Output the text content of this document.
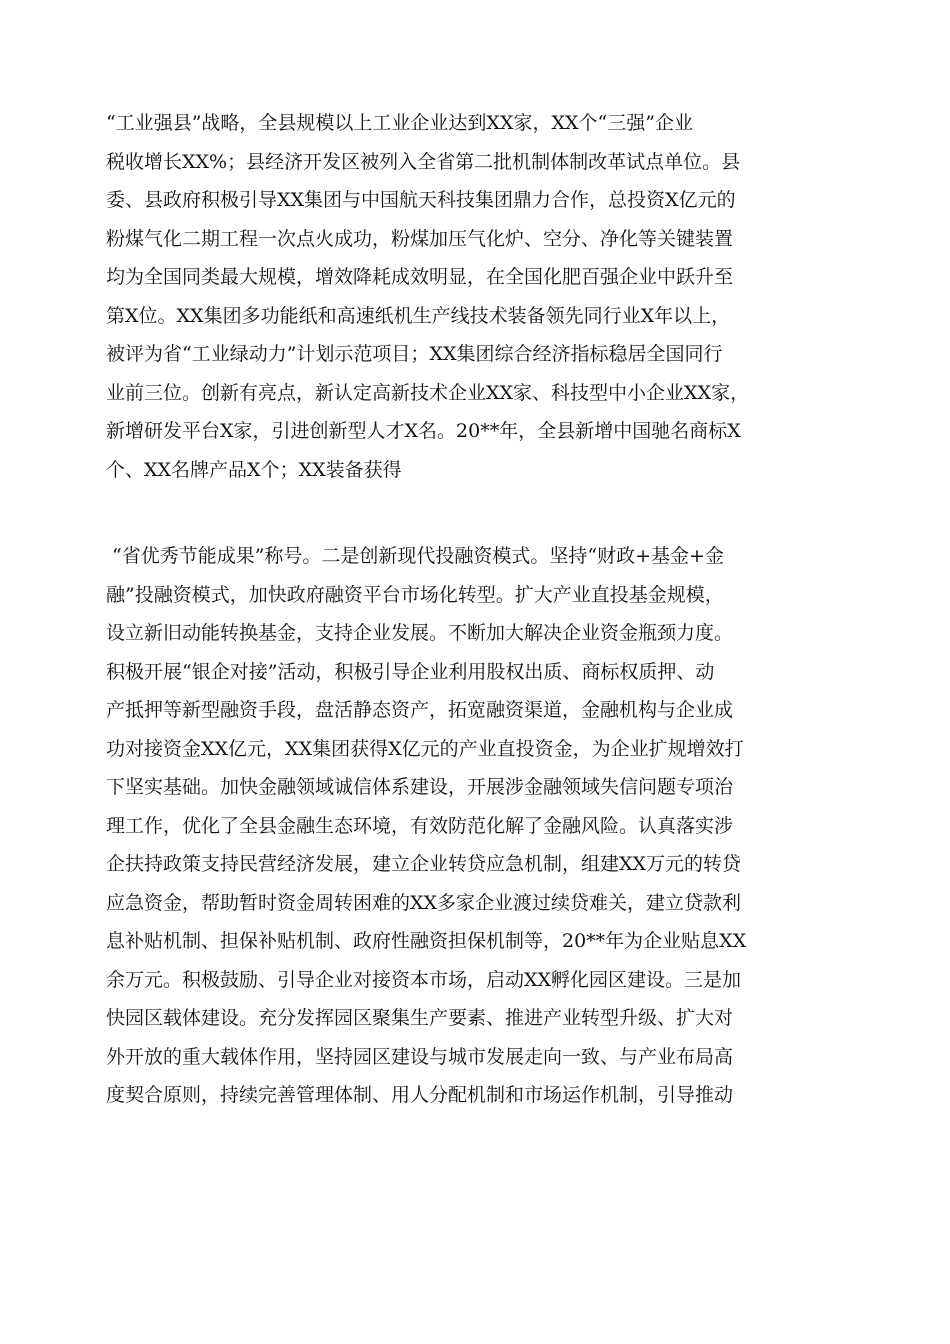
“工业强县”战略，全县规模以上工业企业达到XX家，XX个“三强”企业
税收增长XX%；县经济开发区被列入全省第二批机制体制改革试点单位。县
委、县政府积极引导XX集团与中国航天科技集团鼎力合作，总投资X亿元的
粉煤气化二期工程一次点火成功，粉煤加压气化炉、空分、净化等关键装置
均为全国同类最大规模，增效降耗成效明显，在全国化肥百强企业中跃升至
第X位。XX集团多功能纸和高速纸机生产线技术装备领先同行业X年以上，
被评为省“工业绿动力”计划示范项目；XX集团综合经济指标稳居全国同行
业前三位。创新有亮点，新认定高新技术企业XX家、科技型中小企业XX家，
新增研发平台X家，引进创新型人才X名。20**年，全县新增中国驰名商标X
个、XX名牌产品X个；XX装备获得
“省优秀节能成果”称号。二是创新现代投融资模式。坚持“财政+基金+金
融”投融资模式，加快政府融资平台市场化转型。扩大产业直投基金规模，
设立新旧动能转换基金，支持企业发展。不断加大解决企业资金瓶颈力度。
积极开展“银企对接”活动，积极引导企业利用股权出质、商标权质押、动
产抵押等新型融资手段，盘活静态资产，拓宽融资渠道，金融机构与企业成
功对接资金XX亿元，XX集团获得X亿元的产业直投资金，为企业扩规增效打
下坚实基础。加快金融领域诚信体系建设，开展涉金融领域失信问题专项治
理工作，优化了全县金融生态环境，有效防范化解了金融风险。认真落实涉
企扶持政策支持民营经济发展，建立企业转贷应急机制，组建XX万元的转贷
应急资金，帮助暂时资金周转困难的XX多家企业渡过续贷难关，建立贷款利
息补贴机制、担保补贴机制、政府性融资担保机制等，20**年为企业贴息XX
余万元。积极鼓励、引导企业对接资本市场，启动XX孵化园区建设。三是加
快园区载体建设。充分发挥园区聚集生产要素、推进产业转型升级、扩大对
外开放的重大载体作用，坚持园区建设与城市发展走向一致、与产业布局高
度契合原则，持续完善管理体制、用人分配机制和市场运作机制，引导推动
